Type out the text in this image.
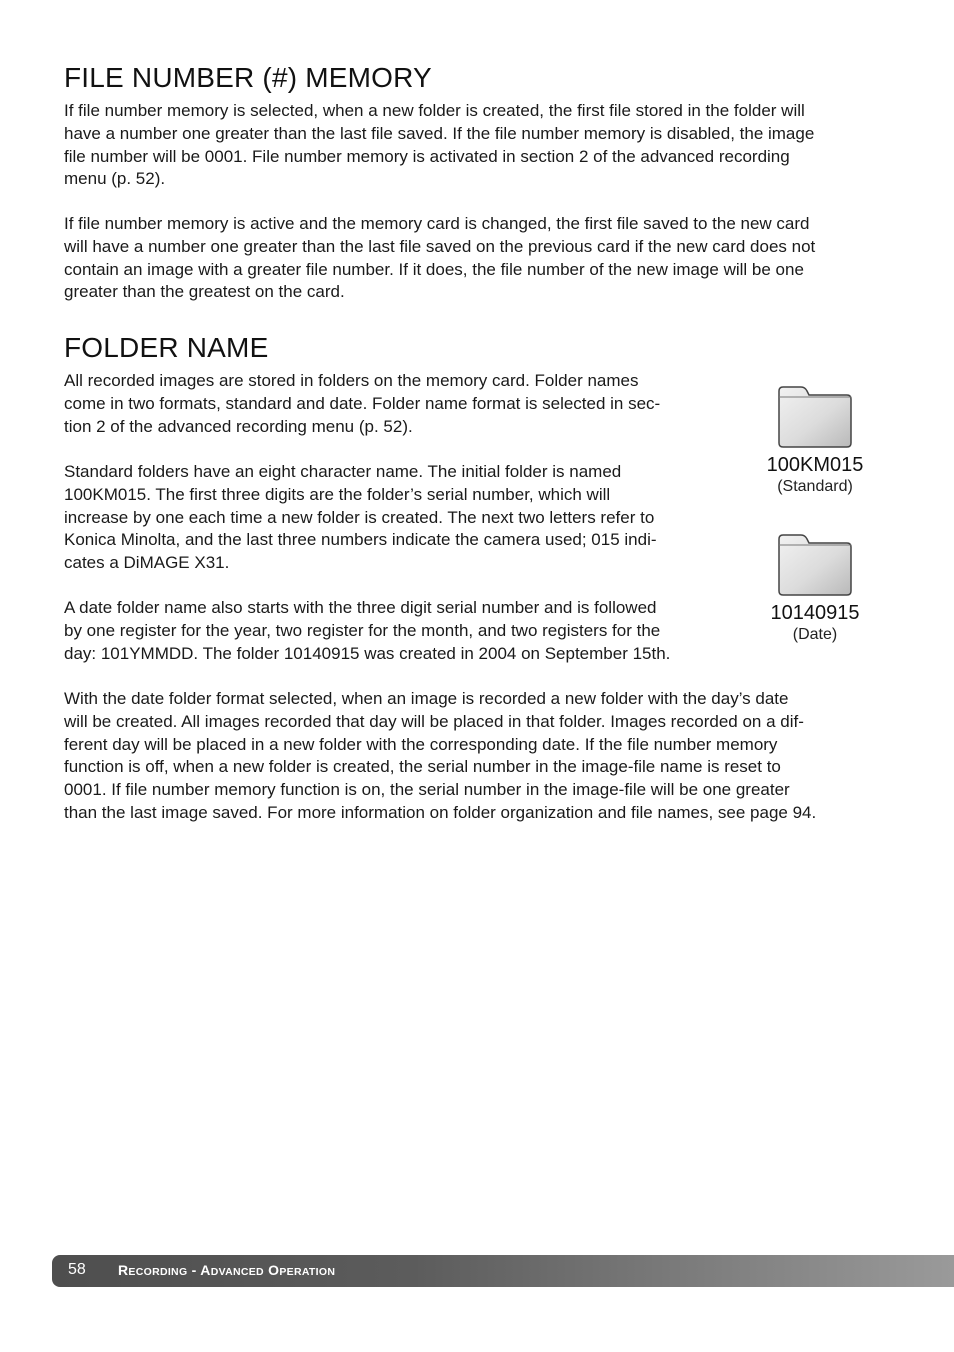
FILE NUMBER (#) MEMORY

If file number memory is selected, when a new folder is created, the first file stored in the folder will
have a number one greater than the last file saved. If the file number memory is disabled, the image
file number will be 0001. File number memory is activated in section 2 of the advanced recording
menu (p. 52).

If file number memory is active and the memory card is changed, the first file saved to the new card
will have a number one greater than the last file saved on the previous card if the new card does not
contain an image with a greater file number. If it does, the file number of the new image will be one
greater than the greatest on the card.

FOLDER NAME

All recorded images are stored in folders on the memory card. Folder names
come in two formats, standard and date. Folder name format is selected in sec-
tion 2 of the advanced recording menu (p. 52).

Standard folders have an eight character name. The initial folder is named
100KM015. The first three digits are the folder’s serial number, which will
increase by one each time a new folder is created. The next two letters refer to
Konica Minolta, and the last three numbers indicate the camera used; 015 indi-
cates a DiMAGE X31.

A date folder name also starts with the three digit serial number and is followed
by one register for the year, two register for the month, and two registers for the
day: 101YMMDD. The folder 10140915 was created in 2004 on September 15th.

With the date folder format selected, when an image is recorded a new folder with the day’s date
will be created. All images recorded that day will be placed in that folder. Images recorded on a dif-
ferent day will be placed in a new folder with the corresponding date. If the file number memory
function is off, when a new folder is created, the serial number in the image-file name is reset to
0001. If file number memory function is on, the serial number in the image-file will be one greater
than the last image saved. For more information on folder organization and file names, see page 94.

100KM015
(Standard)
10140915
(Date)
58 RECORDING - ADVANCED OPERATION
